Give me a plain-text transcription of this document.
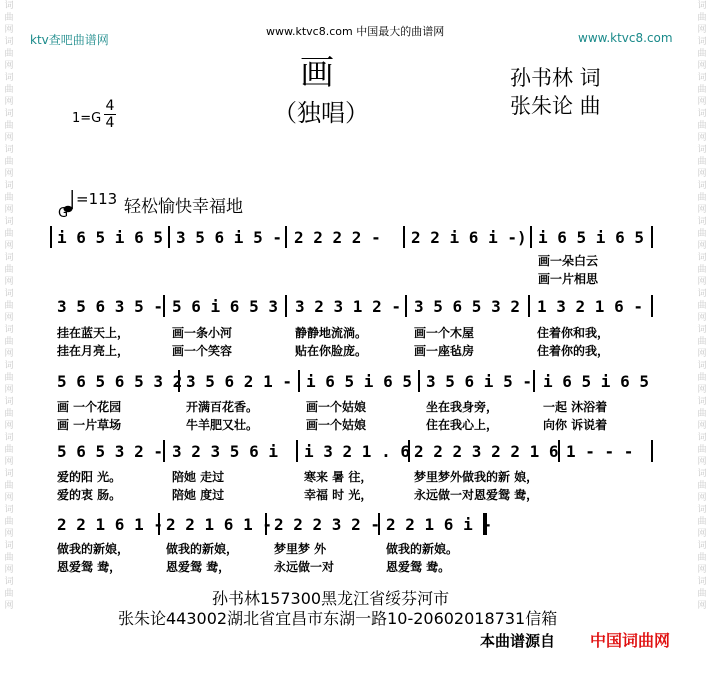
词
曲
网
词
曲
网
词
曲
网
词
曲
网
词
曲
网
词
曲
网
词
曲
网
词
曲
网
词
曲
网
词
曲
网
词
曲
网
词
曲
网
词
曲
网
词
曲
网
词
曲
网
词
曲
网
词
曲
网
词
曲
网
词
曲
网
词
曲
网
词
曲
网
词
曲
网
词
曲
网
词
曲
网
词
曲
网
词
曲
网
词
曲
网
词
曲
网
词
曲
网
词
曲
网
词
曲
网
词
曲
网
词
曲
网
词
曲
网
ktv查吧曲谱网
www.ktvc8.com 中国最大的曲谱网	www.ktvc8.com
画
（独唱）
孙书林 词
张朱论 曲
1=G
4
4
G
=113 轻松愉快幸福地
i 6 5 i 6 5 3 5 6 i 5 - 2 2 2 2 - 2 2 i 6 i -) i 6 5 i 6 5
画一朵白云
画一片相思
3 5 6 3 5 - 5 6 i 6 5 3 3 2 3 1 2 - 3 5 6 5 3 2 1 3 2 1 6 -
挂在蓝天上，	画一条小河	静静地流淌。	画一个木屋	住着你和我，
挂在月亮上，	画一个笑容	贴在你脸庞。	画一座毡房	住着你的我，
5 6 5 6 5 3 2 3 5 6 2 1 - i 6 5 i 6 5 3 5 6 i 5 - i 6 5 i 6 5
画 一个花园	开满百花香。	画一个姑娘	坐在我身旁，	一起 沐浴着
画 一片草场	牛羊肥又壮。	画一个姑娘	住在我心上，	向你 诉说着
5 6 5 3 2 - 3 2 3 5 6 i i 3 2 1 . 6 2 2 2 3 2 2 1 6 1 - - -
爱的阳 光。	陪她 走过	寒来 暑 往，	梦里梦外做我的新 娘，
爱的衷 肠。	陪她 度过	幸福 时 光，	永远做一对恩爱鸳 鸯，
2 2 1 6 1 - 2 2 1 6 1 - 2 2 2 3 2 - 2 2 1 6 i -
做我的新娘，	做我的新娘，	梦里梦 外	做我的新娘。
恩爱鸳 鸯，	恩爱鸳 鸯，	永远做一对	恩爱鸳 鸯。
孙书林157300黑龙江省绥芬河市
张朱论443002湖北省宜昌市东湖一路10-20602018731信箱
本曲谱源自 中国词曲网
